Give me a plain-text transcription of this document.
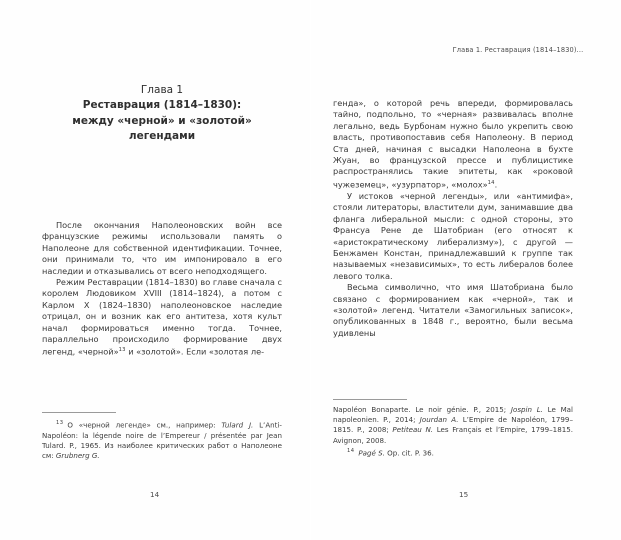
Глава 1
Реставрация (1814–1830):
между «черной» и «золотой» легендами

После окончания Наполеоновских войн все французские режимы использовали память о Наполеоне для собственной идентификации. Точнее, они принимали то, что им импонировало в его наследии и отказывались от всего неподходящего.

Режим Реставрации (1814–1830) во главе сначала с королем Людовиком XVIII (1814–1824), а потом с Карлом X (1824–1830) наполеоновское наследие отрицал, он и возник как его антитеза, хотя культ начал формироваться именно тогда. Точнее, параллельно происходило формирование двух легенд, «черной»$^{13}$ и «золотой». Если «золотая ле-

$^{13}$ О «черной легенде» см., например: Tulard J. L’Anti-Napoléon: la légende noire de l’Empereur / présentée par Jean Tulard. P., 1965. Из наиболее критических работ о Наполеоне см: Grubnerg G.

14
Глава 1. Реставрация (1814–1830)...

генда», о которой речь впереди, формировалась тайно, подпольно, то «черная» развивалась вполне легально, ведь Бурбонам нужно было укрепить свою власть, противопоставив себя Наполеону. В период Ста дней, начиная с высадки Наполеона в бухте Жуан, во французской прессе и публицистике распространялись такие эпитеты, как «роковой чужеземец», «узурпатор», «молох»$^{14}$.

У истоков «черной легенды», или «антимифа», стояли литераторы, властители дум, занимавшие два фланга либеральной мысли: с одной стороны, это Франсуа Рене де Шатобриан (его относят к «аристократическому либерализму»), с другой — Бенжамен Констан, принадлежавший к группе так называемых «независимых», то есть либералов более левого толка.

Весьма символично, что имя Шатобриана было связано с формированием как «черной», так и «золотой» легенд. Читатели «Замогильных записок», опубликованных в 1848 г., вероятно, были весьма удивлены

Napoléon Bonaparte. Le noir génie. P., 2015; Jospin L. Le Mal napoleonien. P., 2014; Jourdan A. L’Empire de Napoléon, 1799–1815. P., 2008; Petiteau N. Les Français et l’Empire, 1799–1815. Avignon, 2008.

$^{14}$ Pagé S. Op. cit. P. 36.

15
